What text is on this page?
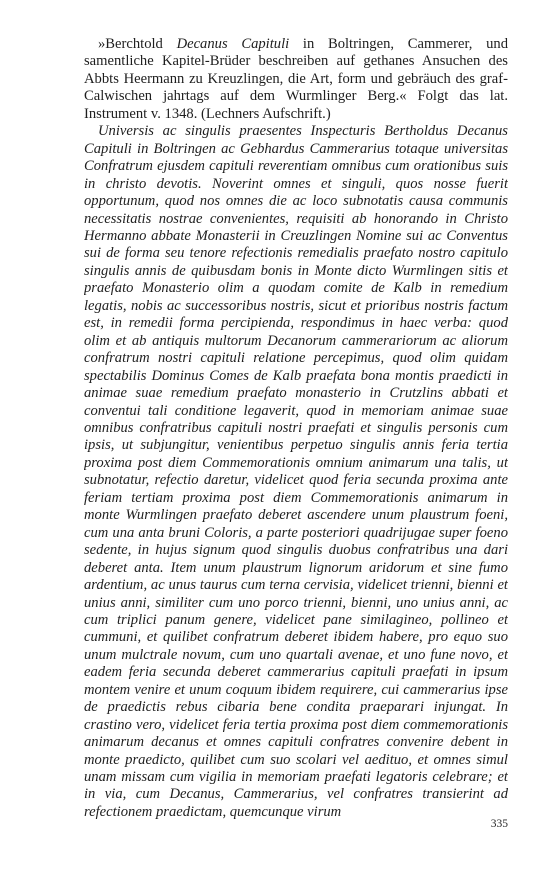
»Berchtold Decanus Capituli in Boltringen, Cammerer, und samentliche Kapitel-Brüder beschreiben auf gethanes Ansuchen des Abbts Heermann zu Kreuzlingen, die Art, form und gebräuch des graf-Calwischen jahrtags auf dem Wurmlinger Berg.« Folgt das lat. Instrument v. 1348. (Lechners Aufschrift.)

Universis ac singulis praesentes Inspecturis Bertholdus Decanus Capituli in Boltringen ac Gebhardus Cammerarius totaque universitas Confratrum ejusdem capituli reverentiam omnibus cum orationibus suis in christo devotis. Noverint omnes et singuli, quos nosse fuerit opportunum, quod nos omnes die ac loco subnotatis causa communis necessitatis nostrae convenientes, requisiti ab honorando in Christo Hermanno abbate Monasterii in Creuzlingen Nomine sui ac Conventus sui de forma seu tenore refectionis remedialis praefato nostro capitulo singulis annis de quibusdam bonis in Monte dicto Wurmlingen sitis et praefato Monasterio olim a quodam comite de Kalb in remedium legatis, nobis ac successoribus nostris, sicut et prioribus nostris factum est, in remedii forma percipienda, respondimus in haec verba: quod olim et ab antiquis multorum Decanorum cammerariorum ac aliorum confratrum nostri capituli relatione percepimus, quod olim quidam spectabilis Dominus Comes de Kalb praefata bona montis praedicti in animae suae remedium praefato monasterio in Crutzlins abbati et conventui tali conditione legaverit, quod in memoriam animae suae omnibus confratribus capituli nostri praefati et singulis personis cum ipsis, ut subjungitur, venientibus perpetuo singulis annis feria tertia proxima post diem Commemorationis omnium animarum una talis, ut subnotatur, refectio daretur, videlicet quod feria secunda proxima ante feriam tertiam proxima post diem Commemorationis animarum in monte Wurmlingen praefato deberet ascendere unum plaustrum foeni, cum una anta bruni Coloris, a parte posteriori quadrijugae super foeno sedente, in hujus signum quod singulis duobus confratribus una dari deberet anta. Item unum plaustrum lignorum aridorum et sine fumo ardentium, ac unus taurus cum terna cervisia, videlicet trienni, bienni et unius anni, similiter cum uno porco trienni, bienni, uno unius anni, ac cum triplici panum genere, videlicet pane similagineo, pollineo et cummuni, et quilibet confratrum deberet ibidem habere, pro equo suo unum mulctrale novum, cum uno quartali avenae, et uno fune novo, et eadem feria secunda deberet cammerarius capituli praefati in ipsum montem venire et unum coquum ibidem requirere, cui cammerarius ipse de praedictis rebus cibaria bene condita praeparari injungat. In crastino vero, videlicet feria tertia proxima post diem commemorationis animarum decanus et omnes capituli confratres convenire debent in monte praedicto, quilibet cum suo scolari vel aedituo, et omnes simul unam missam cum vigilia in memoriam praefati legatoris celebrare; et in via, cum Decanus, Cammerarius, vel confratres transierint ad refectionem praedictam, quemcunque virum

335
